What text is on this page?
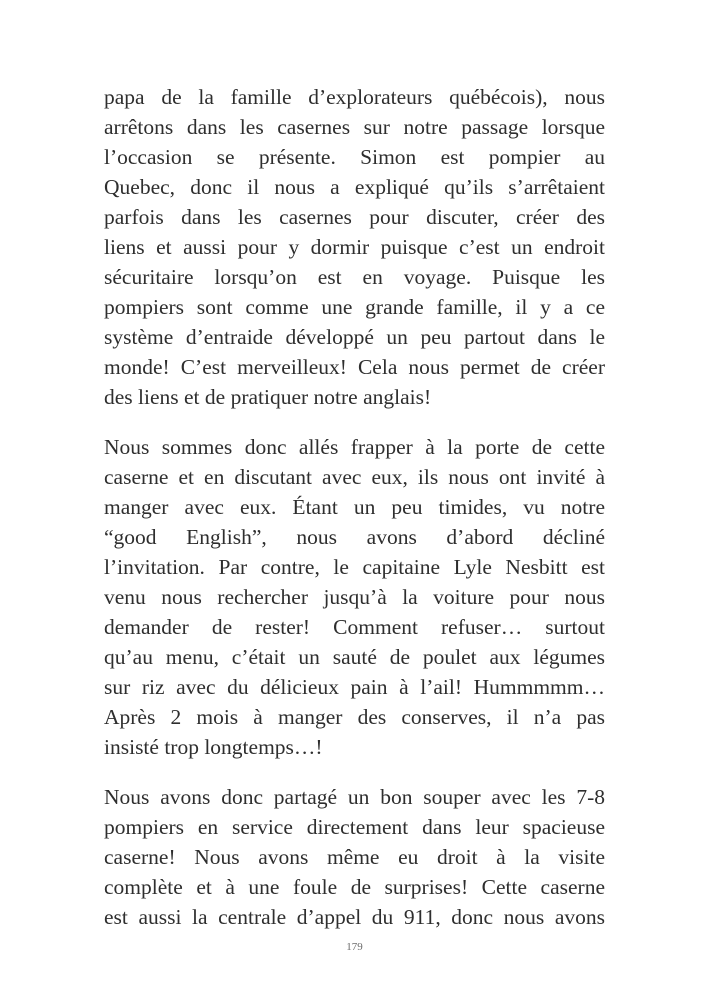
papa de la famille d’explorateurs québécois), nous
arrêtons dans les casernes sur notre passage lorsque
l’occasion se présente. Simon est pompier au
Quebec, donc il nous a expliqué qu’ils s’arrêtaient
parfois dans les casernes pour discuter, créer des
liens et aussi pour y dormir puisque c’est un endroit
sécuritaire lorsqu’on est en voyage. Puisque les
pompiers sont comme une grande famille, il y a ce
système d’entraide développé un peu partout dans le
monde! C’est merveilleux! Cela nous permet de créer
des liens et de pratiquer notre anglais!

Nous sommes donc allés frapper à la porte de cette
caserne et en discutant avec eux, ils nous ont invité à
manger avec eux. Étant un peu timides, vu notre
“good English”, nous avons d’abord décliné
l’invitation. Par contre, le capitaine Lyle Nesbitt est
venu nous rechercher jusqu’à la voiture pour nous
demander de rester! Comment refuser… surtout
qu’au menu, c’était un sauté de poulet aux légumes
sur riz avec du délicieux pain à l’ail! Hummmmm…
Après 2 mois à manger des conserves, il n’a pas
insisté trop longtemps…!

Nous avons donc partagé un bon souper avec les 7-8
pompiers en service directement dans leur spacieuse
caserne! Nous avons même eu droit à la visite
complète et à une foule de surprises! Cette caserne
est aussi la centrale d’appel du 911, donc nous avons

179
